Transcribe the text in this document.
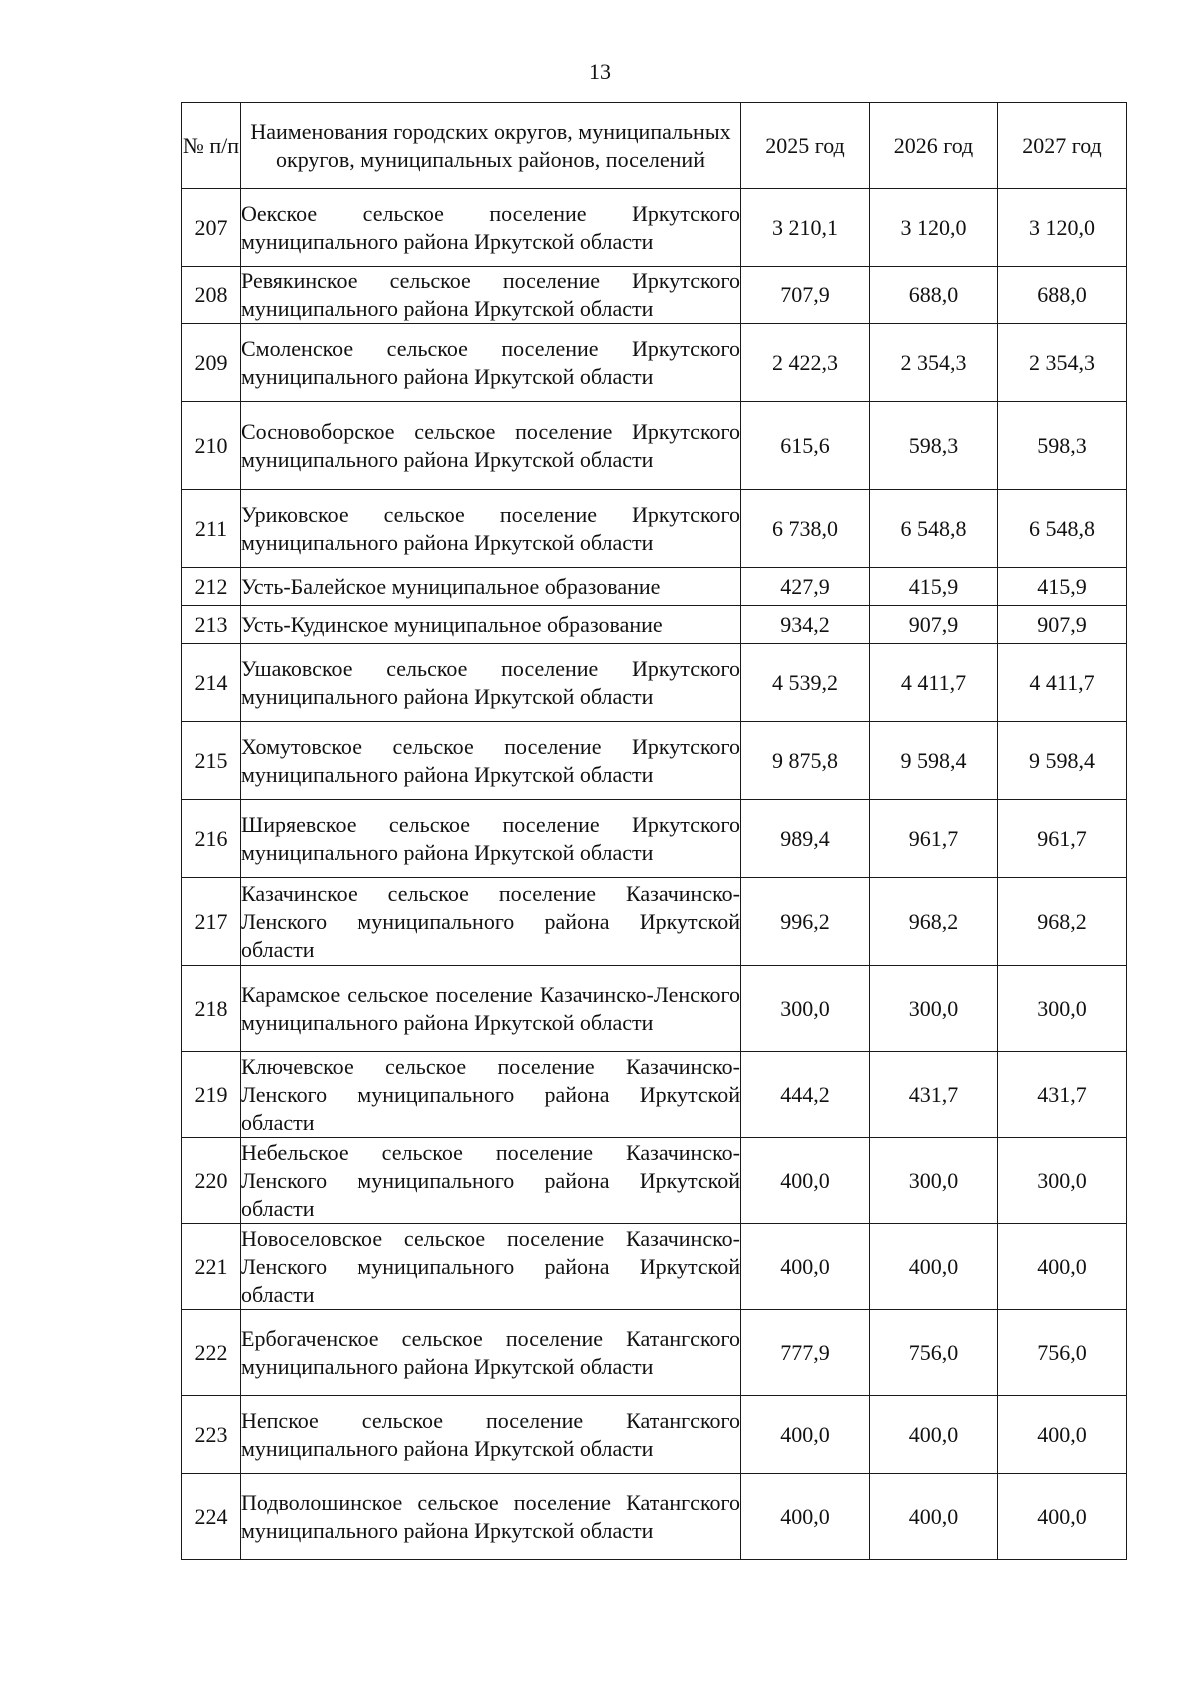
13
№ п/п	Наименования городских округов, муниципальных округов, муниципальных районов, поселений	2025 год	2026 год	2027 год
207	Оекское сельское поселение Иркутского муниципального района Иркутской области	3 210,1	3 120,0	3 120,0
208	Ревякинское сельское поселение Иркутского муниципального района Иркутской области	707,9	688,0	688,0
209	Смоленское сельское поселение Иркутского муниципального района Иркутской области	2 422,3	2 354,3	2 354,3
210	Сосновоборское сельское поселение Иркутского муниципального района Иркутской области	615,6	598,3	598,3
211	Уриковское сельское поселение Иркутского муниципального района Иркутской области	6 738,0	6 548,8	6 548,8
212	Усть-Балейское муниципальное образование	427,9	415,9	415,9
213	Усть-Кудинское муниципальное образование	934,2	907,9	907,9
214	Ушаковское сельское поселение Иркутского муниципального района Иркутской области	4 539,2	4 411,7	4 411,7
215	Хомутовское сельское поселение Иркутского муниципального района Иркутской области	9 875,8	9 598,4	9 598,4
216	Ширяевское сельское поселение Иркутского муниципального района Иркутской области	989,4	961,7	961,7
217	Казачинское сельское поселение Казачинско-Ленского муниципального района Иркутской области	996,2	968,2	968,2
218	Карамское сельское поселение Казачинско-Ленского муниципального района Иркутской области	300,0	300,0	300,0
219	Ключевское сельское поселение Казачинско-Ленского муниципального района Иркутской области	444,2	431,7	431,7
220	Небельское сельское поселение Казачинско-Ленского муниципального района Иркутской области	400,0	300,0	300,0
221	Новоселовское сельское поселение Казачинско-Ленского муниципального района Иркутской области	400,0	400,0	400,0
222	Ербогаченское сельское поселение Катангского муниципального района Иркутской области	777,9	756,0	756,0
223	Непское сельское поселение Катангского муниципального района Иркутской области	400,0	400,0	400,0
224	Подволошинское сельское поселение Катангского муниципального района Иркутской области	400,0	400,0	400,0
